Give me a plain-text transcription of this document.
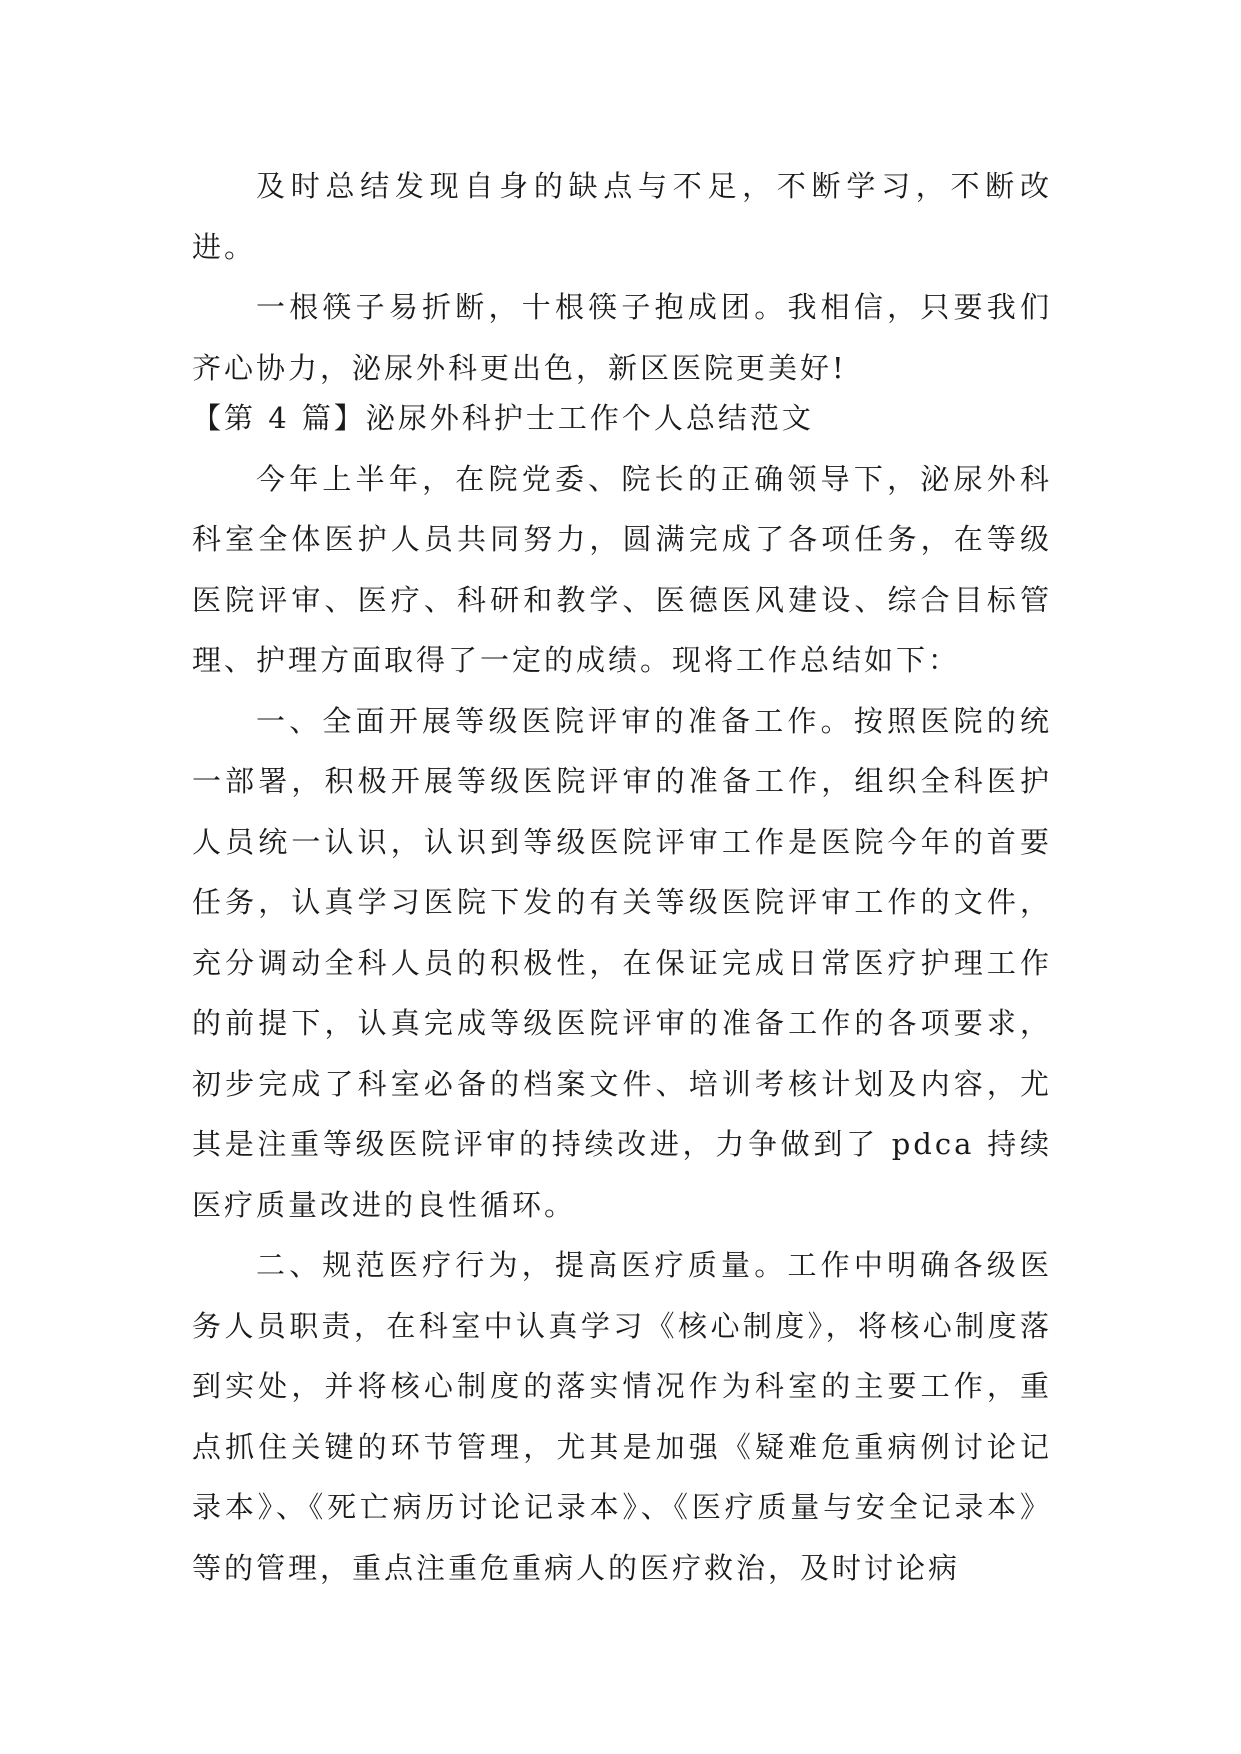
及时总结发现自身的缺点与不足，不断学习，不断改进。

一根筷子易折断，十根筷子抱成团。我相信，只要我们齐心协力，泌尿外科更出色，新区医院更美好!

【第 4 篇】泌尿外科护士工作个人总结范文

今年上半年，在院党委、院长的正确领导下，泌尿外科科室全体医护人员共同努力，圆满完成了各项任务，在等级医院评审、医疗、科研和教学、医德医风建设、综合目标管理、护理方面取得了一定的成绩。现将工作总结如下：

一、全面开展等级医院评审的准备工作。按照医院的统一部署，积极开展等级医院评审的准备工作，组织全科医护人员统一认识，认识到等级医院评审工作是医院今年的首要任务，认真学习医院下发的有关等级医院评审工作的文件，充分调动全科人员的积极性，在保证完成日常医疗护理工作的前提下，认真完成等级医院评审的准备工作的各项要求，初步完成了科室必备的档案文件、培训考核计划及内容，尤其是注重等级医院评审的持续改进，力争做到了 pdca 持续医疗质量改进的良性循环。

二、规范医疗行为，提高医疗质量。工作中明确各级医务人员职责，在科室中认真学习《核心制度》，将核心制度落到实处，并将核心制度的落实情况作为科室的主要工作，重点抓住关键的环节管理，尤其是加强《疑难危重病例讨论记录本》、《死亡病历讨论记录本》、《医疗质量与安全记录本》等的管理，重点注重危重病人的医疗救治，及时讨论病
